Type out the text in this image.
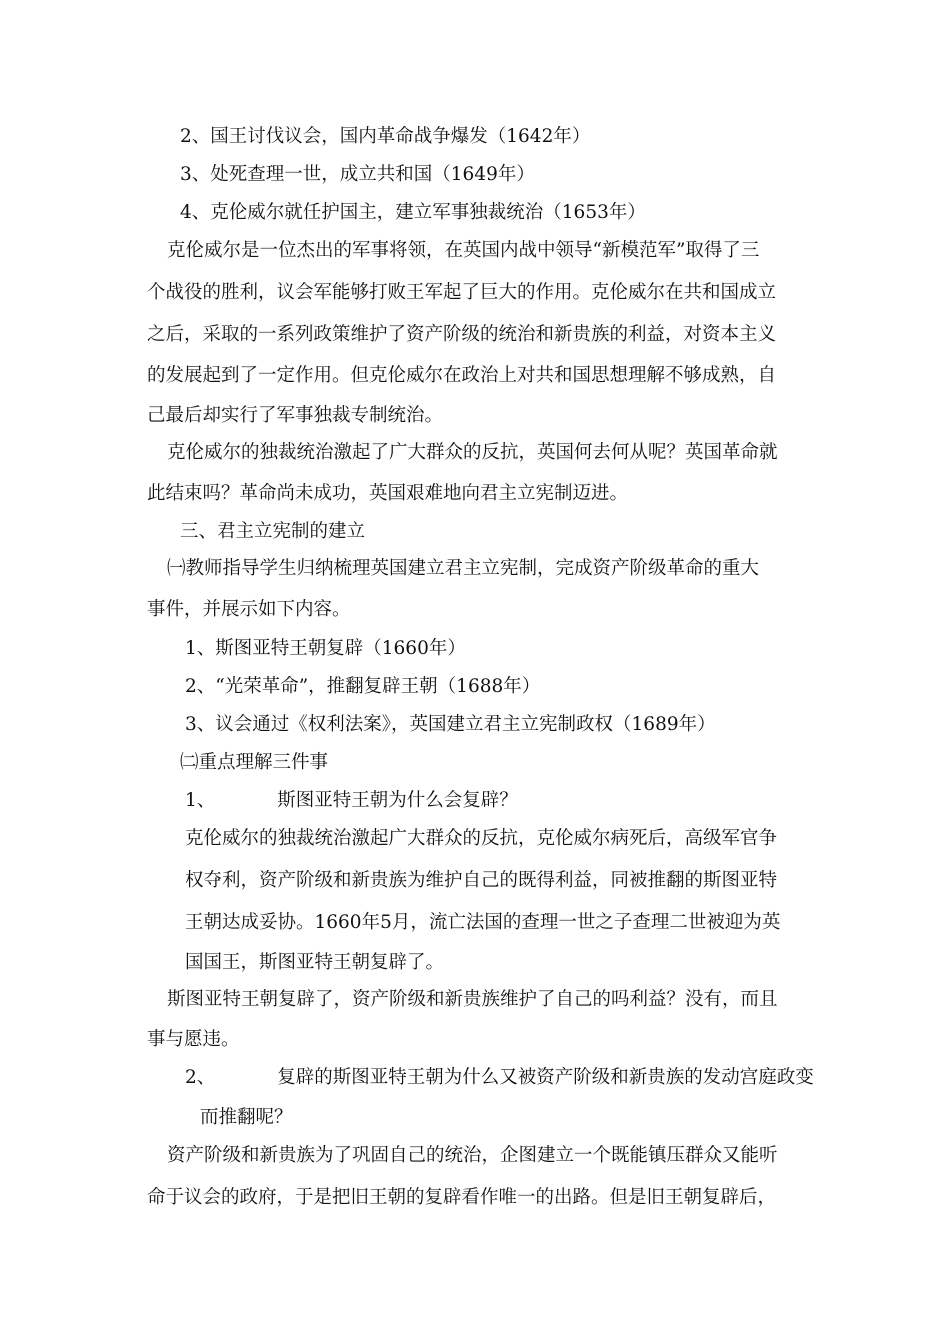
2、国王讨伐议会，国内革命战争爆发（1642年）

3、处死查理一世，成立共和国（1649年）

4、克伦威尔就任护国主，建立军事独裁统治（1653年）

克伦威尔是一位杰出的军事将领，在英国内战中领导“新模范军”取得了三

个战役的胜利，议会军能够打败王军起了巨大的作用。克伦威尔在共和国成立

之后，采取的一系列政策维护了资产阶级的统治和新贵族的利益，对资本主义

的发展起到了一定作用。但克伦威尔在政治上对共和国思想理解不够成熟，自

己最后却实行了军事独裁专制统治。

克伦威尔的独裁统治激起了广大群众的反抗，英国何去何从呢？英国革命就

此结束吗？革命尚未成功，英国艰难地向君主立宪制迈进。

三、君主立宪制的建立

㈠教师指导学生归纳梳理英国建立君主立宪制，完成资产阶级革命的重大

事件，并展示如下内容。

1、斯图亚特王朝复辟（1660年）

2、“光荣革命”，推翻复辟王朝（1688年）

3、议会通过《权利法案》，英国建立君主立宪制政权（1689年）

㈡重点理解三件事

1、	斯图亚特王朝为什么会复辟？

克伦威尔的独裁统治激起广大群众的反抗，克伦威尔病死后，高级军官争

权夺利，资产阶级和新贵族为维护自己的既得利益，同被推翻的斯图亚特

王朝达成妥协。1660年5月，流亡法国的查理一世之子查理二世被迎为英

国国王，斯图亚特王朝复辟了。

斯图亚特王朝复辟了，资产阶级和新贵族维护了自己的吗利益？没有，而且

事与愿违。

2、	复辟的斯图亚特王朝为什么又被资产阶级和新贵族的发动宫庭政变

而推翻呢？

资产阶级和新贵族为了巩固自己的统治，企图建立一个既能镇压群众又能听

命于议会的政府，于是把旧王朝的复辟看作唯一的出路。但是旧王朝复辟后，
